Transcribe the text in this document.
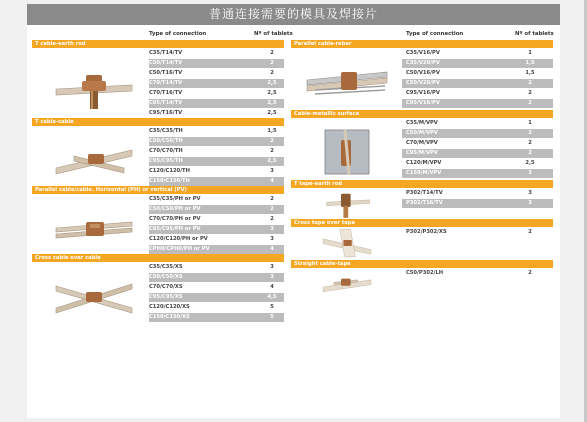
普通连接需要的模具及焊接片
Type of connection	Nº of tablets
T cable-earth rod
C35/T14/TV	2
C50/T14/TV	2
C50/T16/TV	2
C70/T14/TV	2,5
C70/T16/TV	2,5
C95/T14/TV	2,5
C95/T16/TV	2,5
T cable-cable
C35/C35/TH	1,5
C50/C50/TH	2
C70/C70/TH	2
C95/C95/TH	2,5
C120/C120/TH	3
C150/C150/TH	4
Parallel cable/cable. Horizontal (PH) or vertical (PV)
C35/C35/PH or PV	2
C50/C50/PH or PV	2
C70/C70/PH or PV	2
C95/C95/PH or PV	3
C120/C120/PH or PV	3
CPH0/CPH0/PH or PV	4
Cross cable over cable
C35/C35/XS	3
C50/C50/XS	3
C70/C70/XS	4
C95/C95/XS	4,5
C120/C120/XS	5
C150/C150/XS	5
Type of connection	Nº of tablets
Parallel cable-rebar
C35/V16/PV	1
C35/V20/PV	1,5
C50/V16/PV	1,5
C50/V20/PV	2
C95/V16/PV	2
C95/V16/PV	2
Cable-metallic surface
C35/M/VPV	1
C50/M/VPV	2
C70/M/VPV	2
C95/M/VPV	2
C120/M/VPV	2,5
C150/M/VPV	3
T tape-earth rod
P302/T14/TV	3
P302/T16/TV	3
Cross tape over tape
P302/P302/XS	2
Straight cable-tape
C50/P302/LH	2
